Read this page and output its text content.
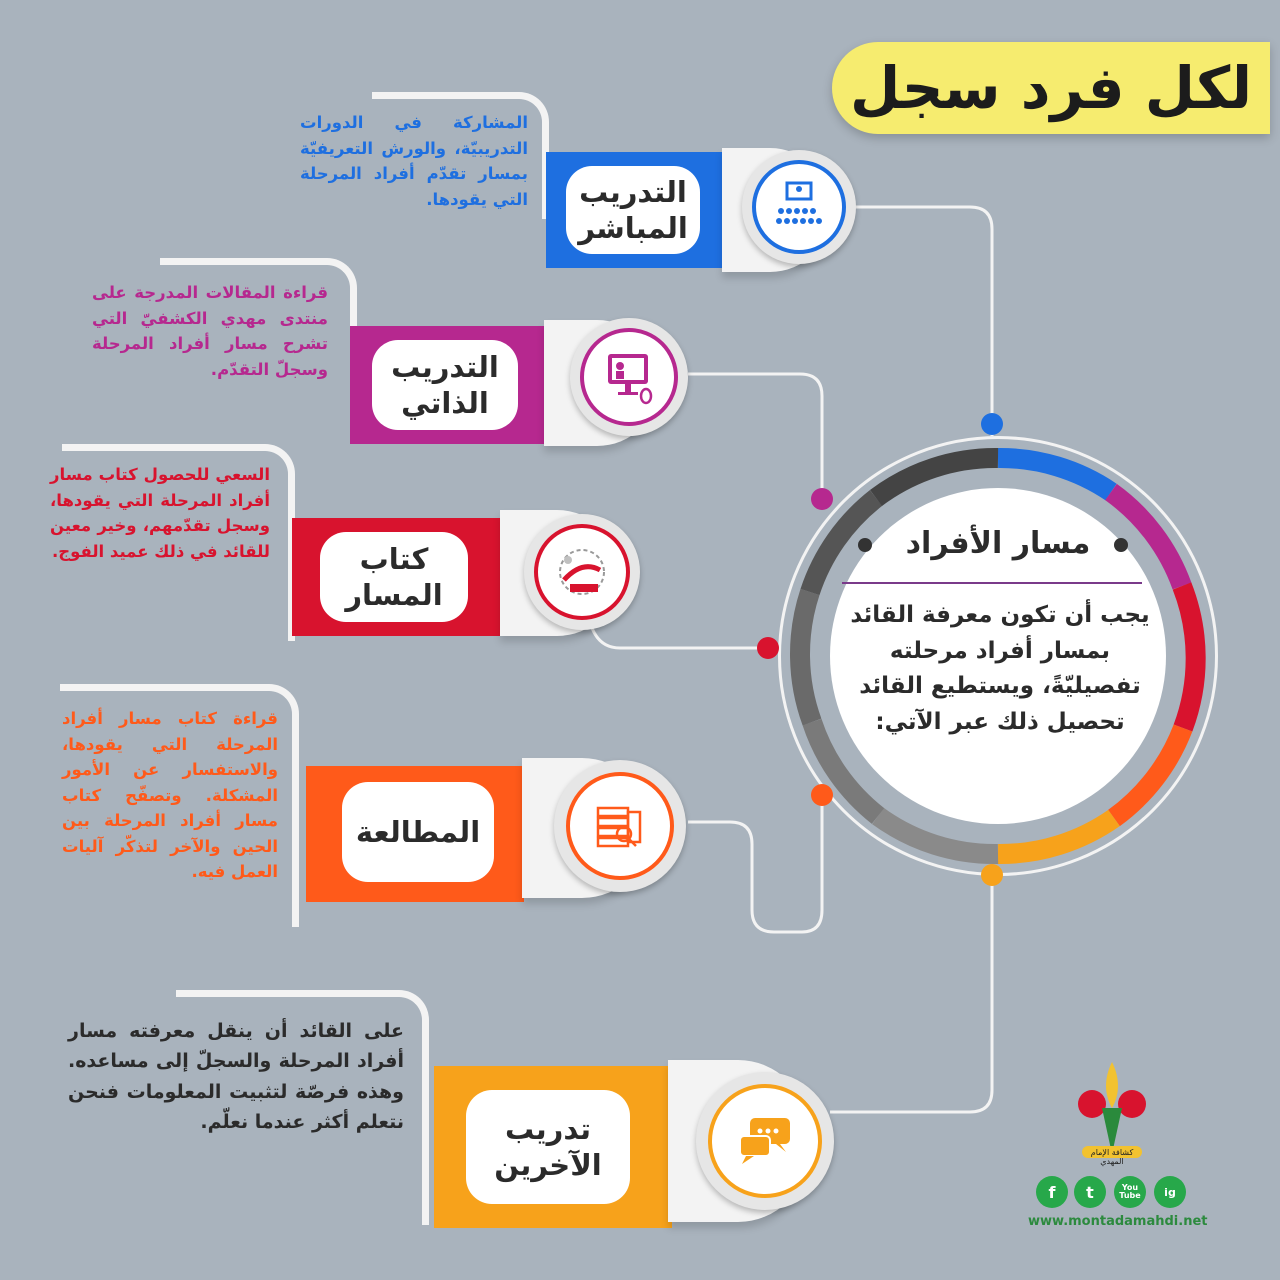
لكل فرد سجل
المشاركة في الدورات التدريبيّة، والورش التعريفيّة بمسار تقدّم أفراد المرحلة التي يقودها.	التدريب المباشر
قراءة المقالات المدرجة على منتدى مهدي الكشفيّ التي تشرح مسار أفراد المرحلة وسجلّ التقدّم.	التدريب الذاتي
السعي للحصول كتاب مسار أفراد المرحلة التي يقودها، وسجل تقدّمهم، وخير معين للقائد في ذلك عميد الفوج.	كتاب المسار
قراءة كتاب مسار أفراد المرحلة التي يقودها، والاستفسار عن الأمور المشكلة. وتصفّح كتاب مسار أفراد المرحلة بين الحين والآخر لتذكّر آليات العمل فيه.
المطالعة
على القائد أن ينقل معرفته مسار أفراد المرحلة والسجلّ إلى مساعده. وهذه فرصّة لتثبيت المعلومات فنحن نتعلم أكثر عندما نعلّم.	تدريب الآخرين
مسار الأفراد
يجب أن تكون معرفة القائد بمسار أفراد مرحلته تفصيليّةً، ويستطيع القائد تحصيل ذلك عبر الآتي:
كشافة الإمام المهدي
f	t	You Tube	ig
www.montadamahdi.net
